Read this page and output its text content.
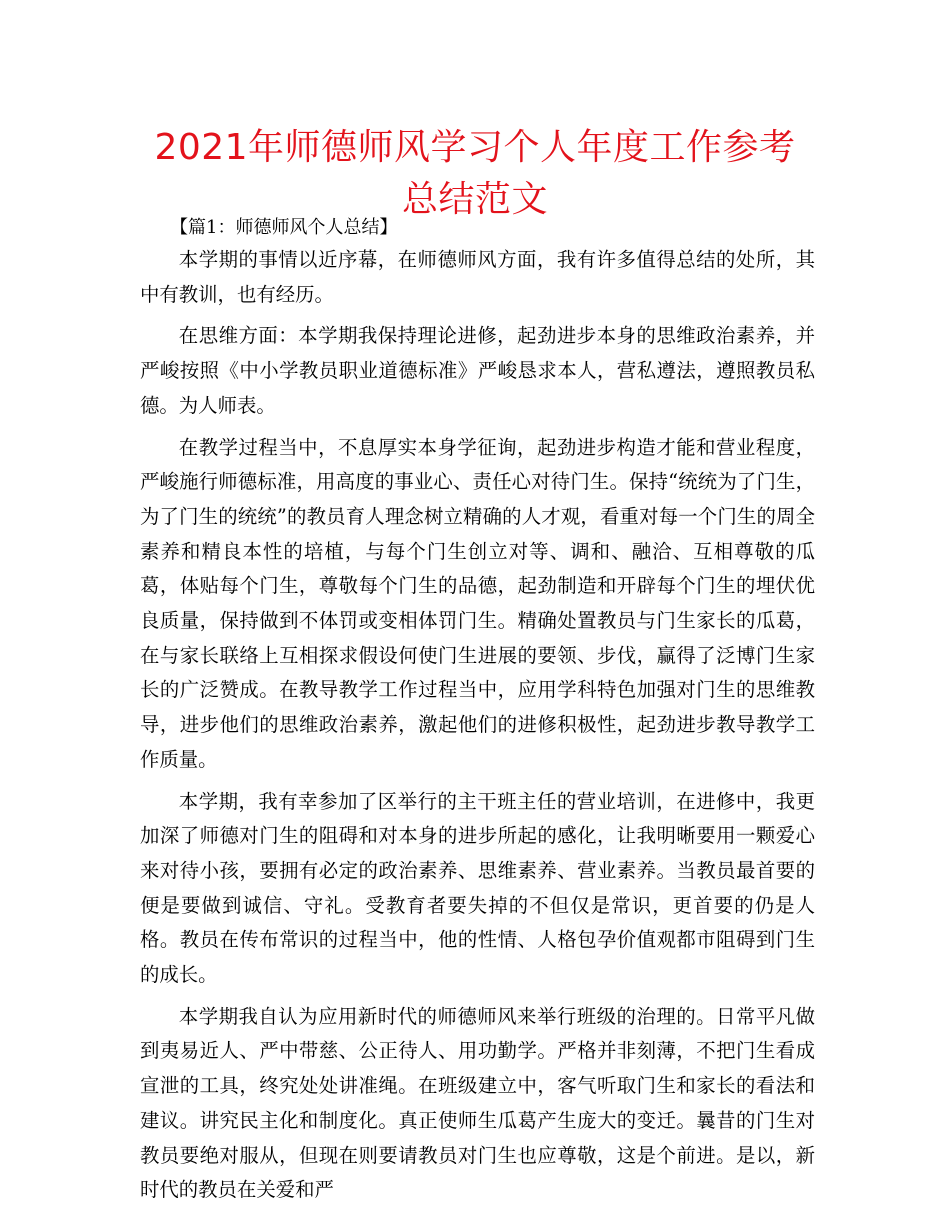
2021年师德师风学习个人年度工作参考总结范文
【篇1：师德师风个人总结】

本学期的事情以近序幕，在师德师风方面，我有许多值得总结的处所，其中有教训，也有经历。

在思维方面：本学期我保持理论进修，起劲进步本身的思维政治素养，并严峻按照《中小学教员职业道德标准》严峻恳求本人，营私遵法，遵照教员私德。为人师表。

在教学过程当中，不息厚实本身学征询，起劲进步构造才能和营业程度，严峻施行师德标准，用高度的事业心、责任心对待门生。保持“统统为了门生，为了门生的统统”的教员育人理念树立精确的人才观，看重对每一个门生的周全素养和精良本性的培植，与每个门生创立对等、调和、融洽、互相尊敬的瓜葛，体贴每个门生，尊敬每个门生的品德，起劲制造和开辟每个门生的埋伏优良质量，保持做到不体罚或变相体罚门生。精确处置教员与门生家长的瓜葛，在与家长联络上互相探求假设何使门生进展的要领、步伐，赢得了泛博门生家长的广泛赞成。在教导教学工作过程当中，应用学科特色加强对门生的思维教导，进步他们的思维政治素养，激起他们的进修积极性，起劲进步教导教学工作质量。

本学期，我有幸参加了区举行的主干班主任的营业培训，在进修中，我更加深了师德对门生的阻碍和对本身的进步所起的感化，让我明晰要用一颗爱心来对待小孩，要拥有必定的政治素养、思维素养、营业素养。当教员最首要的便是要做到诚信、守礼。受教育者要失掉的不但仅是常识，更首要的仍是人格。教员在传布常识的过程当中，他的性情、人格包孕价值观都市阻碍到门生的成长。

本学期我自认为应用新时代的师德师风来举行班级的治理的。日常平凡做到夷易近人、严中带慈、公正待人、用功勤学。严格并非刻薄，不把门生看成宣泄的工具，终究处处讲准绳。在班级建立中，客气听取门生和家长的看法和建议。讲究民主化和制度化。真正使师生瓜葛产生庞大的变迁。曩昔的门生对教员要绝对服从，但现在则要请教员对门生也应尊敬，这是个前进。是以，新时代的教员在关爱和严
